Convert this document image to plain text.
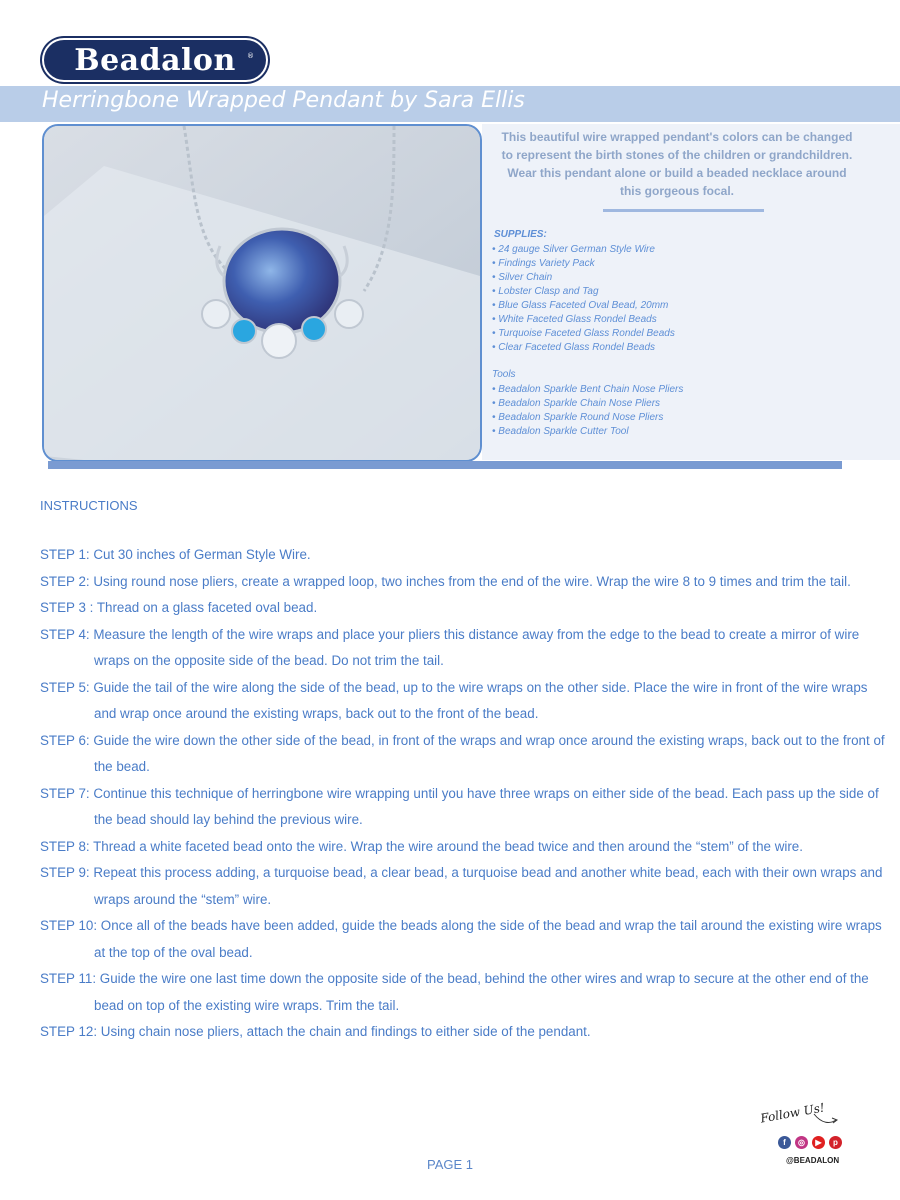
Beadalon	®
Herringbone Wrapped Pendant by Sara Ellis
This beautiful wire wrapped pendant's colors can be changed to represent the birth stones of the children or grandchildren. Wear this pendant alone or build a beaded necklace around this gorgeous focal.
SUPPLIES:
• 24 gauge Silver German Style Wire
• Findings Variety Pack
• Silver Chain
• Lobster Clasp and Tag
• Blue Glass Faceted Oval Bead, 20mm
• White Faceted Glass Rondel Beads
• Turquoise Faceted Glass Rondel Beads
• Clear Faceted Glass Rondel Beads
Tools
• Beadalon Sparkle Bent Chain Nose Pliers
• Beadalon Sparkle Chain Nose Pliers
• Beadalon Sparkle Round Nose Pliers
• Beadalon Sparkle Cutter Tool
INSTRUCTIONS
STEP 1: Cut 30 inches of German Style Wire.
STEP 2: Using round nose pliers, create a wrapped loop, two inches from the end of the wire. Wrap the wire 8 to 9 times and trim the tail.
STEP 3 : Thread on a glass faceted oval bead.
STEP 4: Measure the length of the wire wraps and place your pliers this distance away from the edge to the bead to create a mirror of wire wraps on the opposite side of the bead. Do not trim the tail.
STEP 5: Guide the tail of the wire along the side of the bead, up to the wire wraps on the other side. Place the wire in front of the wire wraps and wrap once around the existing wraps, back out to the front of the bead.
STEP 6: Guide the wire down the other side of the bead, in front of the wraps and wrap once around the existing wraps, back out to the front of the bead.
STEP 7: Continue this technique of herringbone wire wrapping until you have three wraps on either side of the bead. Each pass up the side of the bead should lay behind the previous wire.
STEP 8: Thread a white faceted bead onto the wire. Wrap the wire around the bead twice and then around the “stem” of the wire.
STEP 9: Repeat this process adding, a turquoise bead, a clear bead, a turquoise bead and another white bead, each with their own wraps and wraps around the “stem” wire.
STEP 10: Once all of the beads have been added, guide the beads along the side of the bead and wrap the tail around the existing wire wraps at the top of the oval bead.
STEP 11: Guide the wire one last time down the opposite side of the bead, behind the other wires and wrap to secure at the other end of the bead on top of the existing wire wraps. Trim the tail.
STEP 12: Using chain nose pliers, attach the chain and findings to either side of the pendant.
Follow Us!
f	◎	▶	p
@BEADALON
PAGE 1
